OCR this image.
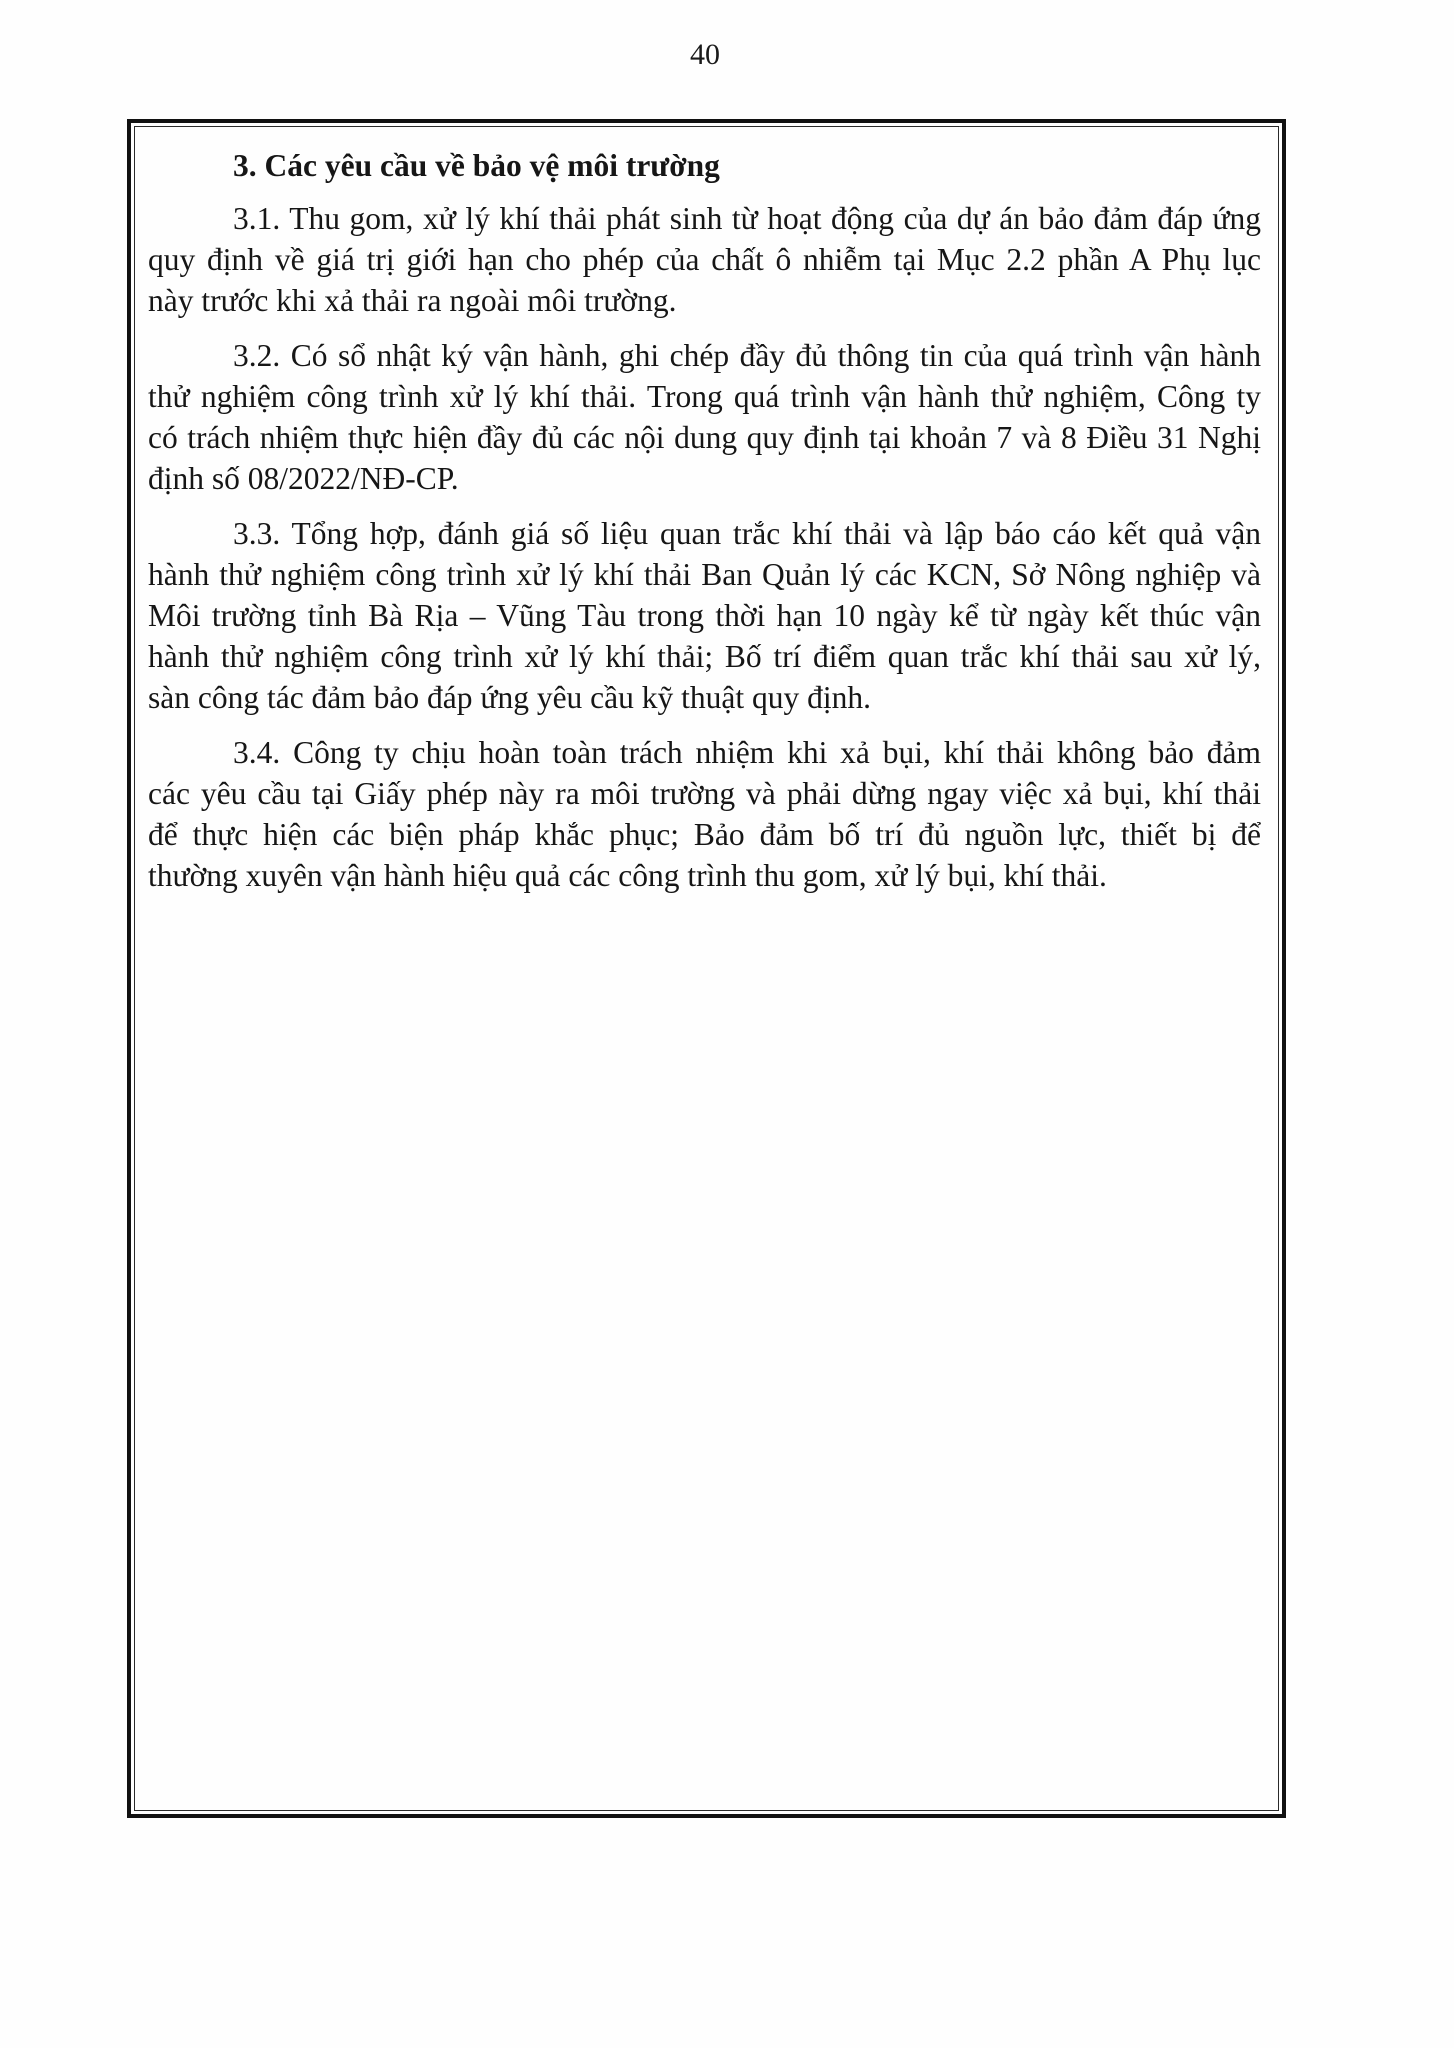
40
3. Các yêu cầu về bảo vệ môi trường
3.1. Thu gom, xử lý khí thải phát sinh từ hoạt động của dự án bảo đảm đáp ứng
quy định về giá trị giới hạn cho phép của chất ô nhiễm tại Mục 2.2 phần A Phụ lục
này trước khi xả thải ra ngoài môi trường.
3.2. Có sổ nhật ký vận hành, ghi chép đầy đủ thông tin của quá trình vận hành
thử nghiệm công trình xử lý khí thải. Trong quá trình vận hành thử nghiệm, Công ty
có trách nhiệm thực hiện đầy đủ các nội dung quy định tại khoản 7 và 8 Điều 31 Nghị
định số 08/2022/NĐ-CP.
3.3. Tổng hợp, đánh giá số liệu quan trắc khí thải và lập báo cáo kết quả vận
hành thử nghiệm công trình xử lý khí thải Ban Quản lý các KCN, Sở Nông nghiệp và
Môi trường tỉnh Bà Rịa – Vũng Tàu trong thời hạn 10 ngày kể từ ngày kết thúc vận
hành thử nghiệm công trình xử lý khí thải; Bố trí điểm quan trắc khí thải sau xử lý,
sàn công tác đảm bảo đáp ứng yêu cầu kỹ thuật quy định.
3.4. Công ty chịu hoàn toàn trách nhiệm khi xả bụi, khí thải không bảo đảm
các yêu cầu tại Giấy phép này ra môi trường và phải dừng ngay việc xả bụi, khí thải
để thực hiện các biện pháp khắc phục; Bảo đảm bố trí đủ nguồn lực, thiết bị để
thường xuyên vận hành hiệu quả các công trình thu gom, xử lý bụi, khí thải.
